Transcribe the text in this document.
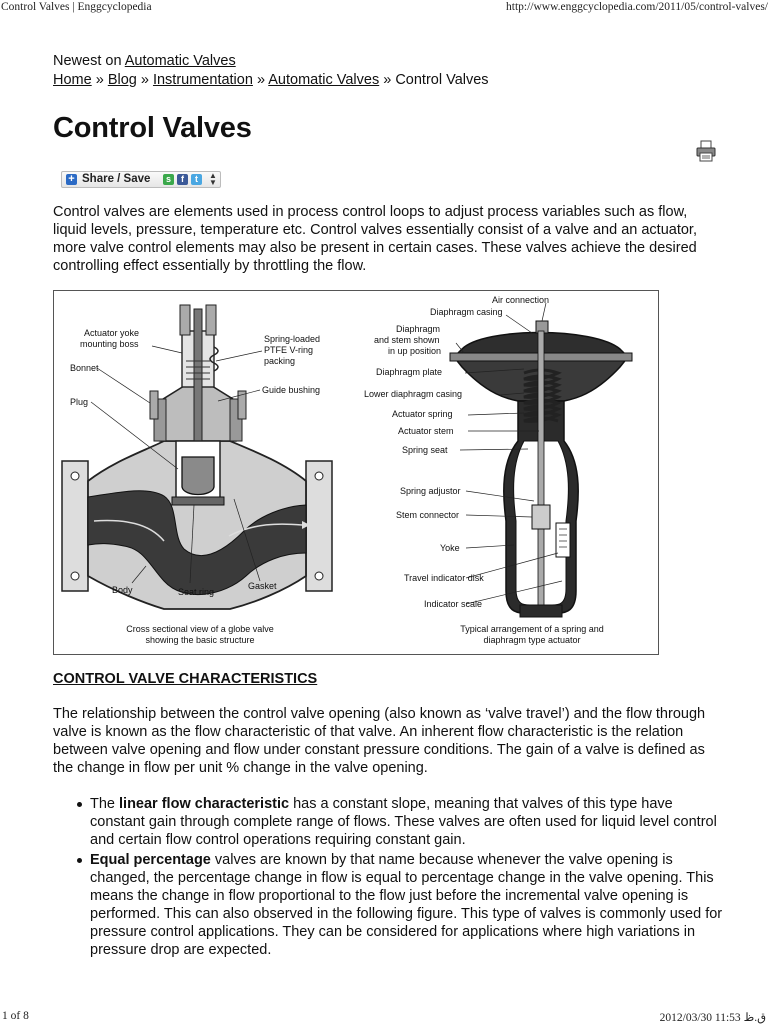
Control Valves | Enggcyclopedia	http://www.enggcyclopedia.com/2011/05/control-valves/
Newest on Automatic Valves
Home » Blog » Instrumentation » Automatic Valves » Control Valves
Control Valves
+ Share / Save	s	f	t	▲
▼

Control valves are elements used in process control loops to adjust process variables such as flow, liquid levels, pressure, temperature etc. Control valves essentially consist of a valve and an actuator, more valve control elements may also be present in certain cases. These valves achieve the desired controlling effect essentially by throttling the flow.

Actuator yoke
mounting boss
Bonnet
Plug
Body	Seat ring
Gasket
Spring-loaded
PTFE V-ring
packing
Guide bushing
Cross sectional view of a globe valve
showing the basic structure
Air connection
Diaphragm casing
Diaphragm
and stem shown
in up position
Diaphragm plate
Lower diaphragm casing
Actuator spring
Actuator stem
Spring seat
Spring adjustor
Stem connector
Yoke
Travel indicator disk
Indicator scale
Typical arrangement of a spring and
diaphragm type actuator
CONTROL VALVE CHARACTERISTICS

The relationship between the control valve opening (also known as ‘valve travel’) and the flow through valve is known as the flow characteristic of that valve. An inherent flow characteristic is the relation between valve opening and flow under constant pressure conditions. The gain of a valve is defined as the change in flow per unit % change in the valve opening.

The linear flow characteristic has a constant slope, meaning that valves of this type have constant gain through complete range of flows. These valves are often used for liquid level control and certain flow control operations requiring constant gain.
Equal percentage valves are known by that name because whenever the valve opening is changed, the percentage change in flow is equal to percentage change in the valve opening. This means the change in flow proportional to the flow just before the incremental valve opening is performed. This can also observed in the following figure. This type of valves is commonly used for pressure control applications. They can be considered for applications where high variations in pressure drop are expected.
1 of 8	2012/03/30 11:53 ق.ظ
